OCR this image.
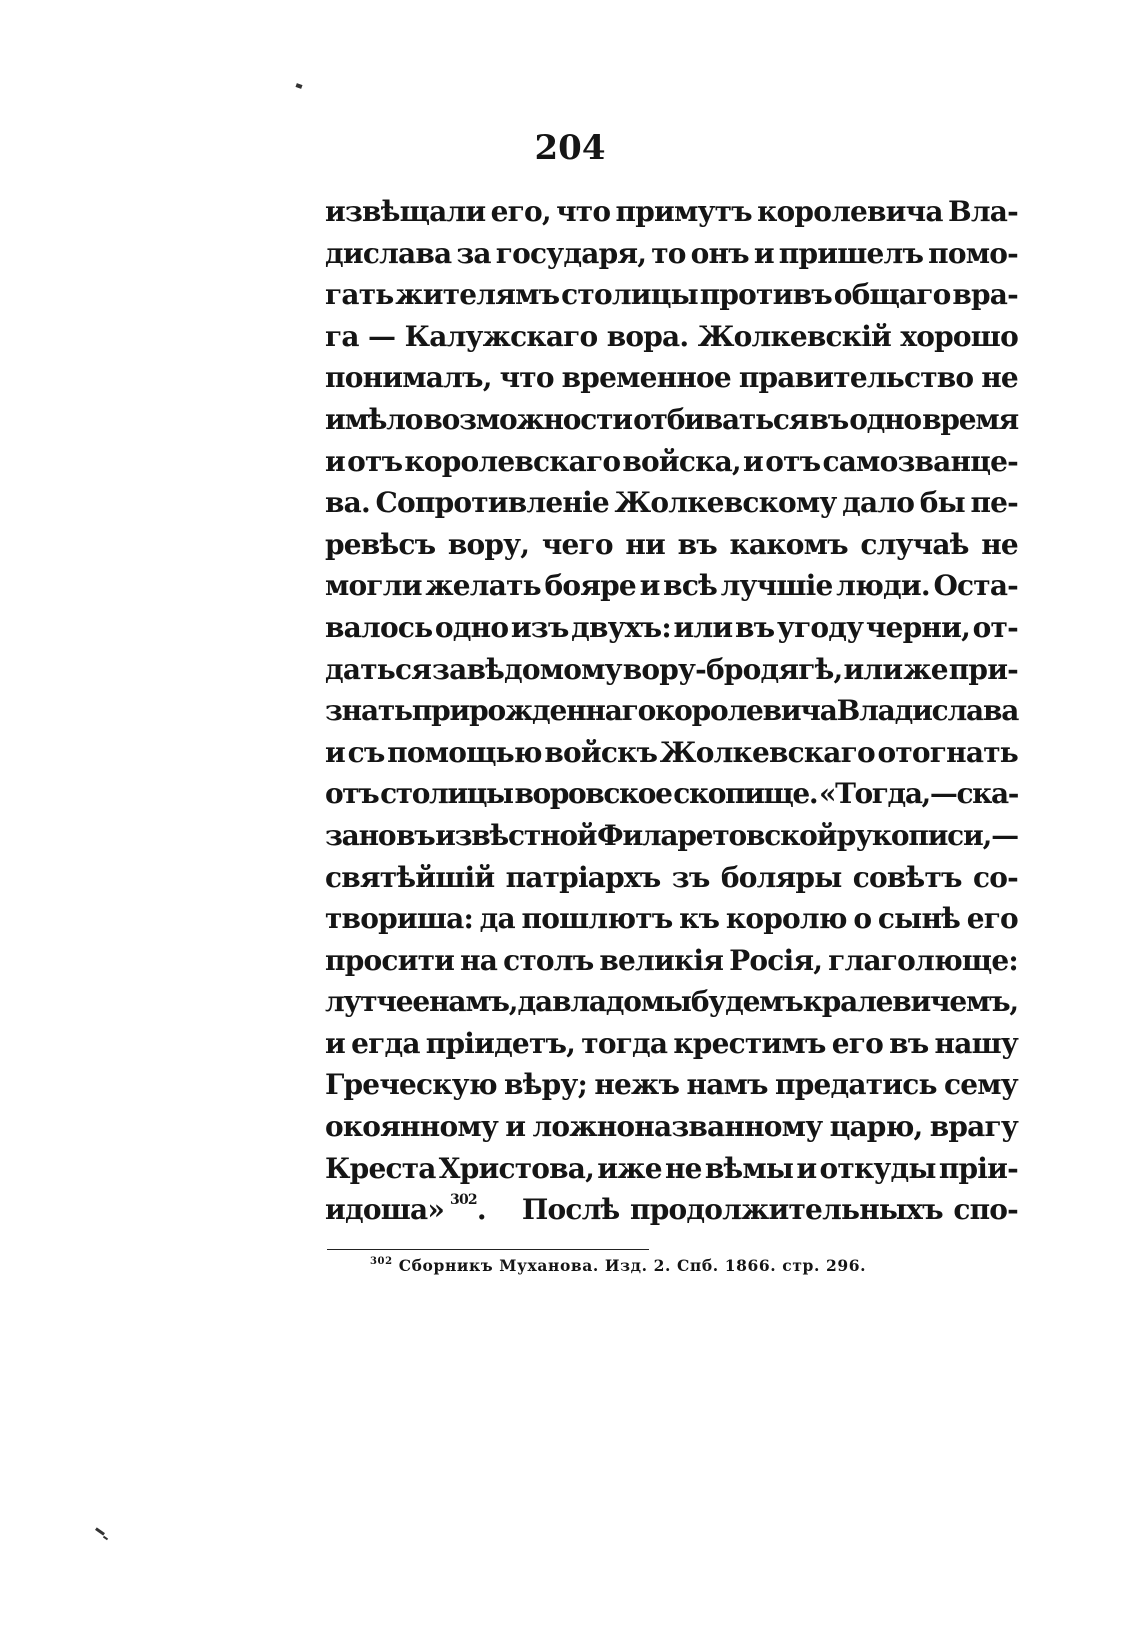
204
извѣщали его, что примутъ королевича Вла-
дислава за государя, то онъ и пришелъ помо-
гать жителямъ столицы противъ общаго вра-
га — Калужскаго вора. Жолкевскій хорошо
понималъ, что временное правительство не
имѣло возможности отбиваться въ одно время
и отъ королевскаго войска, и отъ самозванце-
ва. Сопротивленіе Жолкевскому дало бы пе-
ревѣсъ вору, чего ни въ какомъ случаѣ не
могли желать бояре и всѣ лучшіе люди. Оста-
валось одно изъ двухъ: или въ угоду черни, от-
даться завѣдомому вору-бродягѣ, или же при-
знать прирожденнаго королевича Владислава
и съ помощью войскъ Жолкевскаго отогнать
отъ столицы воровское скопище. «Тогда,—ска-
зано въ извѣстной Филаретовской рукописи,—
святѣйшій патріархъ зъ боляры совѣтъ со-
твориша: да пошлютъ къ королю о сынѣ его
просити на столъ великія Росія, глаголюще:
лутчее намъ, да владомы будемъ кралевичемъ,
и егда пріидетъ, тогда крестимъ его въ нашу
Греческую вѣру; нежъ намъ предатись сему
окоянному и ложноназванному царю, врагу
Креста Христова, иже не вѣмы и откуды пріи-
идоша» $^{302}$ . Послѣ продолжительныхъ спо-
$^{302}$ Сборникъ Муханова. Изд. 2. Спб. 1866. стр. 296.
